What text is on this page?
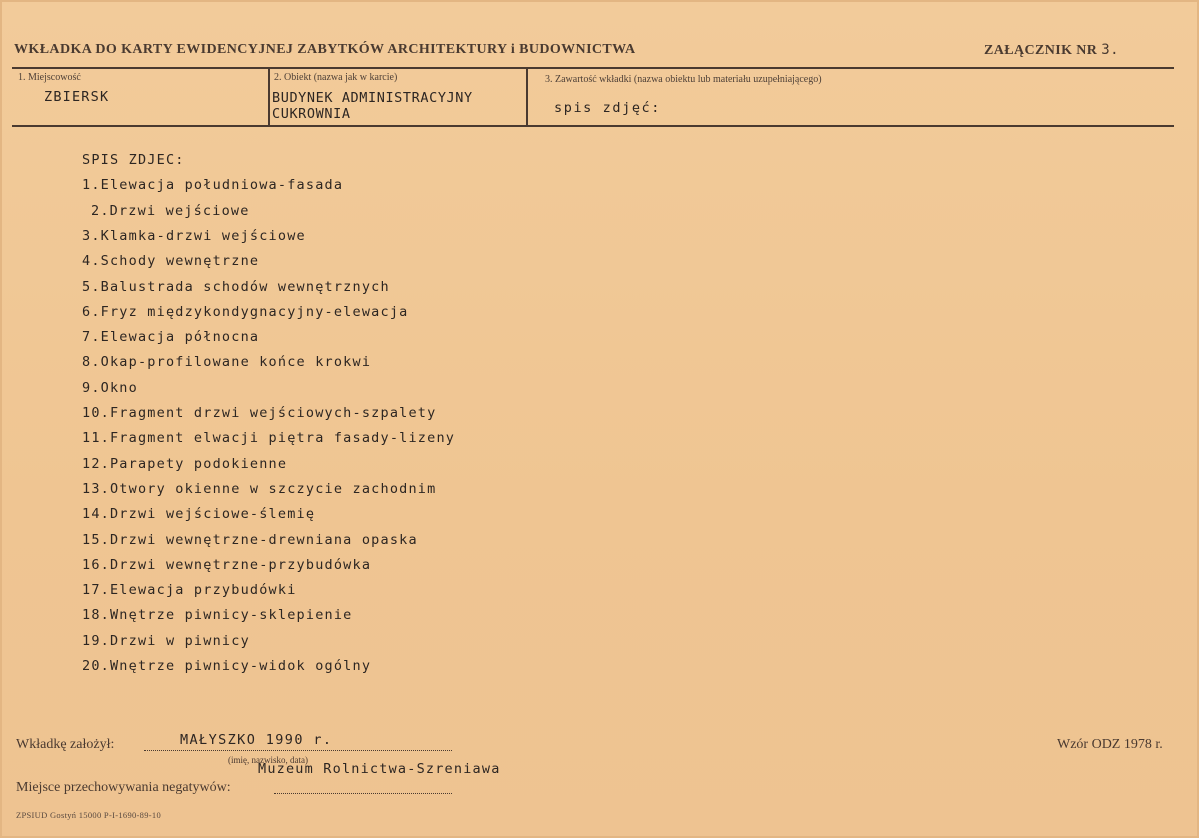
WKŁADKA DO KARTY EWIDENCYJNEJ ZABYTKÓW ARCHITEKTURY i BUDOWNICTWA	ZAŁĄCZNIK NR 3.
1. Miejscowość
ZBIERSK
2. Obiekt (nazwa jak w karcie)
BUDYNEK ADMINISTRACYJNY
CUKROWNIA
3. Zawartość wkładki (nazwa obiektu lub materiału uzupełniającego)
spis zdjęć:
SPIS ZDJEC:
1.Elewacja południowa-fasada
2.Drzwi wejściowe
3.Klamka-drzwi wejściowe
4.Schody wewnętrzne
5.Balustrada schodów wewnętrznych
6.Fryz międzykondygnacyjny-elewacja
7.Elewacja północna
8.Okap-profilowane końce krokwi
9.Okno
10.Fragment drzwi wejściowych-szpalety
11.Fragment elwacji piętra fasady-lizeny
12.Parapety podokienne
13.Otwory okienne w szczycie zachodnim
14.Drzwi wejściowe-ślemię
15.Drzwi wewnętrzne-drewniana opaska
16.Drzwi wewnętrzne-przybudówka
17.Elewacja przybudówki
18.Wnętrze piwnicy-sklepienie
19.Drzwi w piwnicy
20.Wnętrze piwnicy-widok ogólny
Wkładkę założył:	MAŁYSZKO 1990 r.
(imię, nazwisko, data)
Muzeum Rolnictwa-Szreniawa
Wzór ODZ 1978 r.
Miejsce przechowywania negatywów:
ZPSIUD Gostyń 15000 P-I-1690-89-10
